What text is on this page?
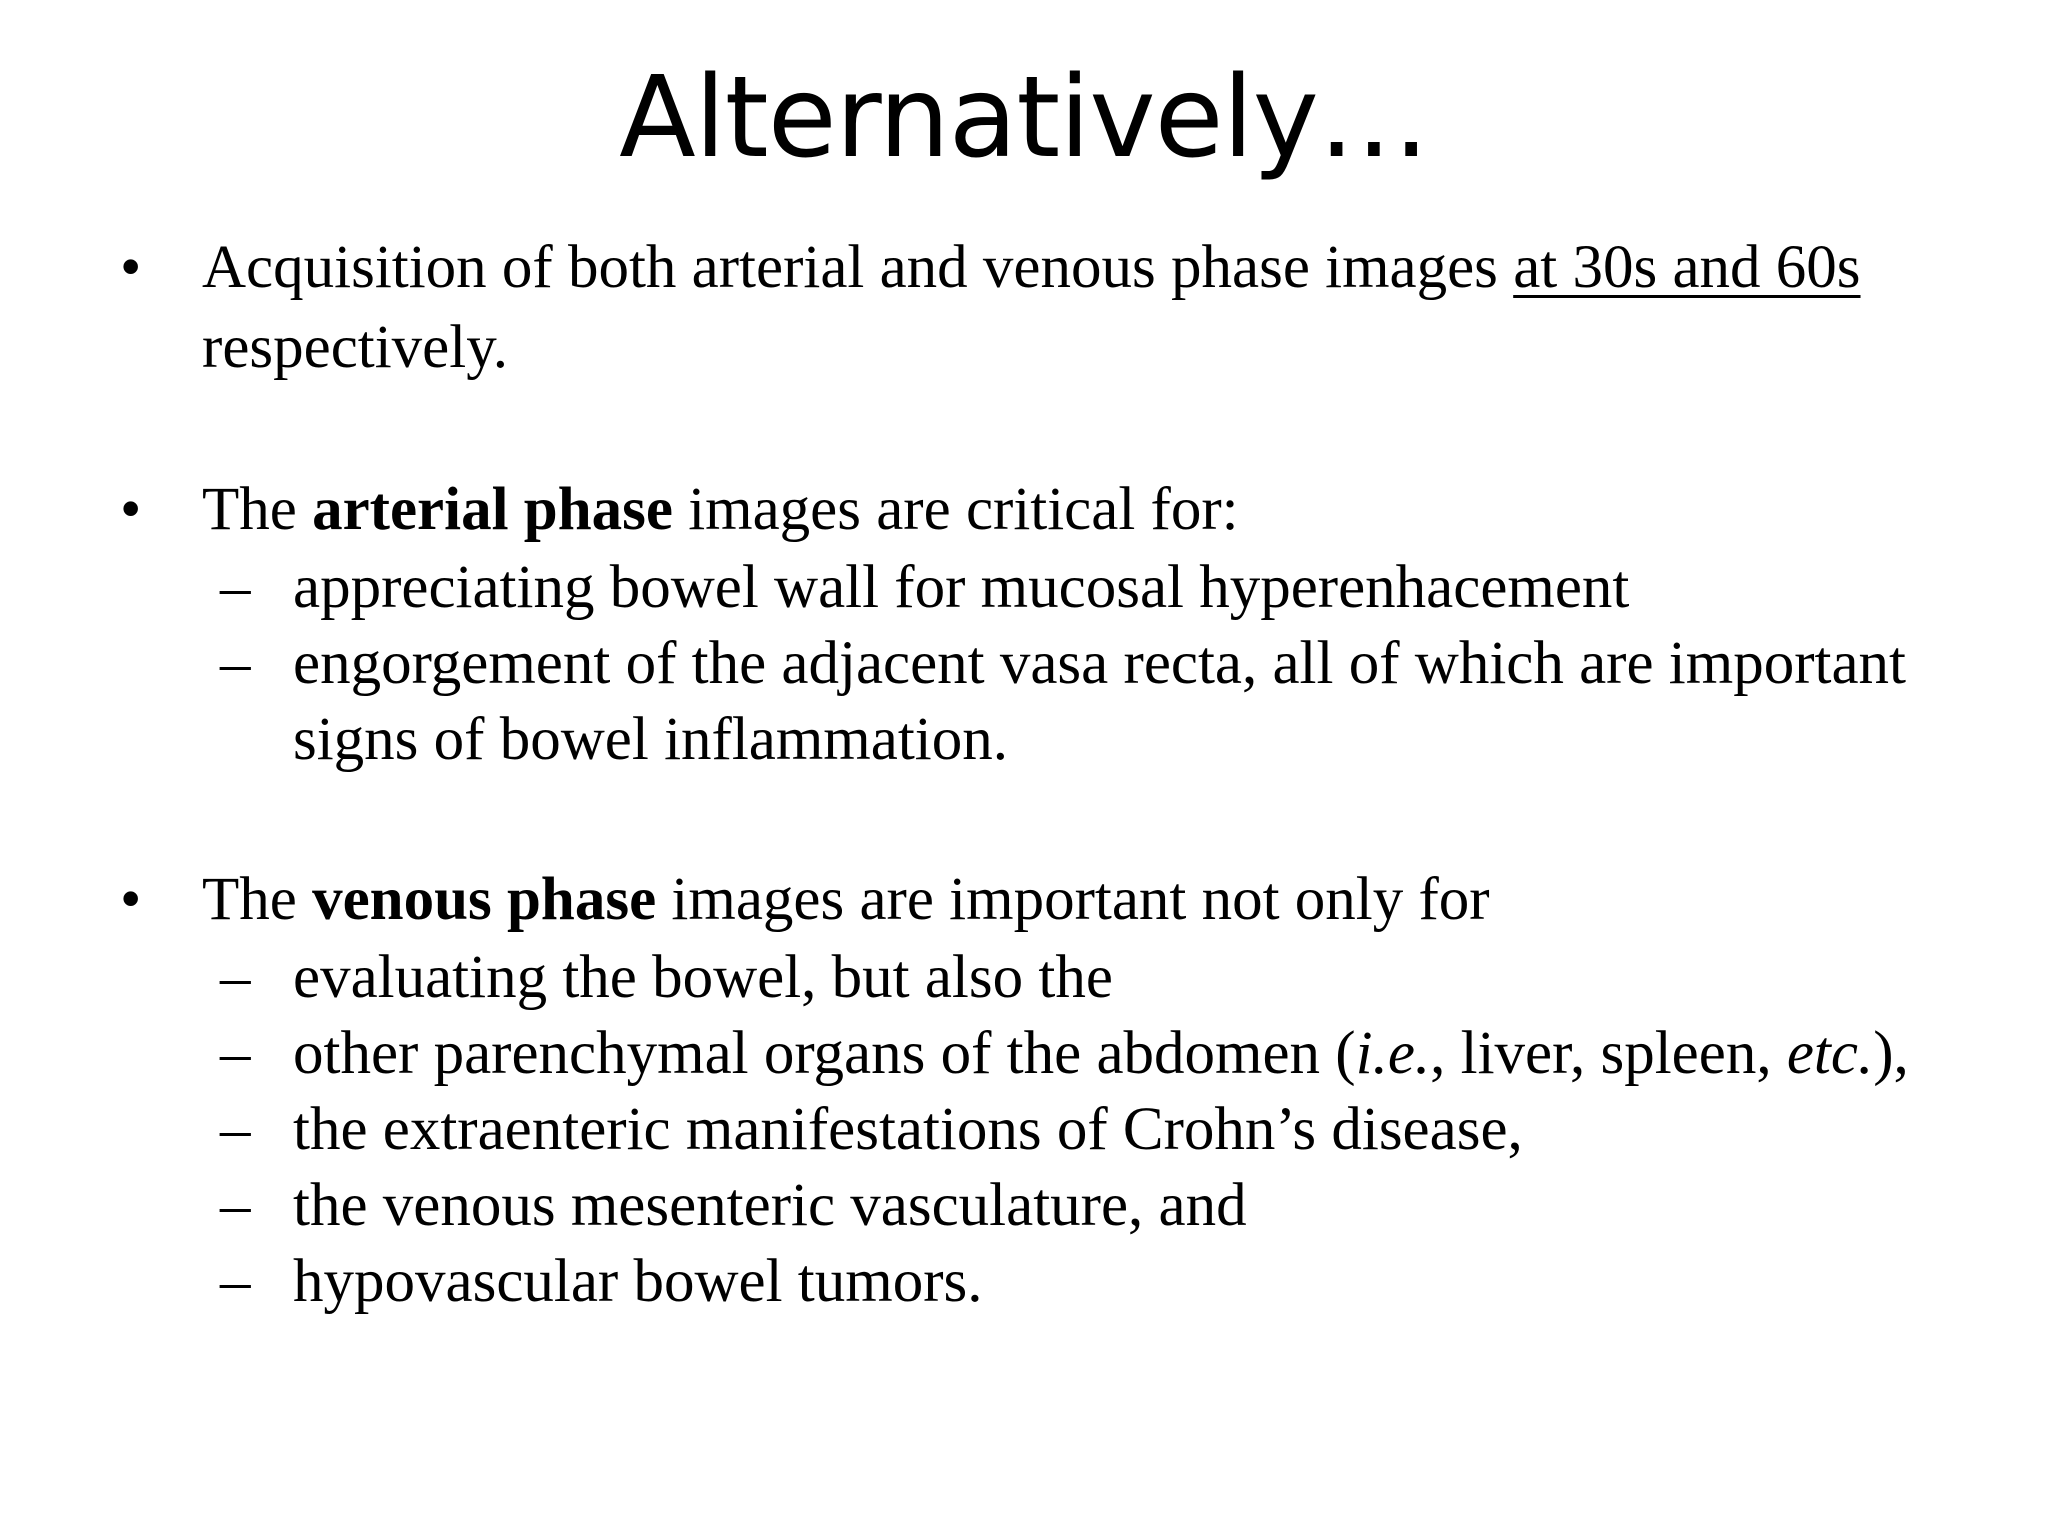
Alternatively…
• Acquisition of both arterial and venous phase images at 30s and 60s respectively.
• The arterial phase images are critical for:
– appreciating bowel wall for mucosal hyperenhacement
– engorgement of the adjacent vasa recta, all of which are important signs of bowel inflammation.
• The venous phase images are important not only for
– evaluating the bowel, but also the
– other parenchymal organs of the abdomen (i.e., liver, spleen, etc.),
– the extraenteric manifestations of Crohn’s disease,
– the venous mesenteric vasculature, and
– hypovascular bowel tumors.
